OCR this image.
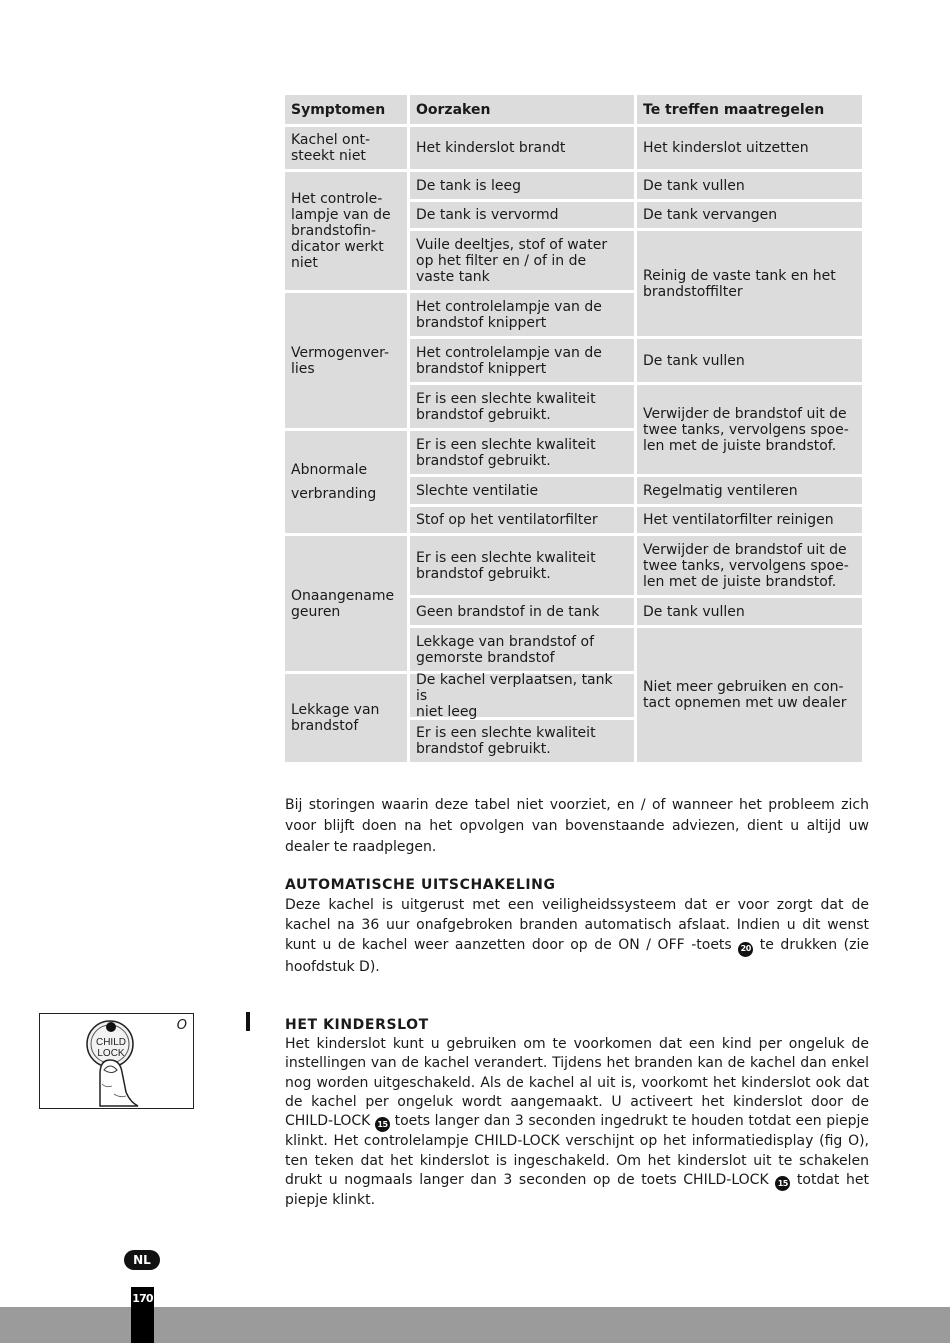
Symptomen	Oorzaken	Te treffen maatregelen
Kachel ont-
steekt niet
Het controle-
lampje van de
brandstofin-
dicator werkt
niet
Vermogenver-
lies
Abnormale
verbranding
Onaangename
geuren
Lekkage van
brandstof
Het kinderslot brandt
De tank is leeg
De tank is vervormd
Vuile deeltjes, stof of water
op het filter en / of in de
vaste tank
Het controlelampje van de
brandstof knippert
Het controlelampje van de
brandstof knippert
Er is een slechte kwaliteit
brandstof gebruikt.
Er is een slechte kwaliteit
brandstof gebruikt.
Slechte ventilatie
Stof op het ventilatorfilter
Er is een slechte kwaliteit
brandstof gebruikt.
Geen brandstof in de tank
Lekkage van brandstof of
gemorste brandstof
De kachel verplaatsen, tank is
niet leeg
Er is een slechte kwaliteit
brandstof gebruikt.
Het kinderslot uitzetten
De tank vullen
De tank vervangen
Reinig de vaste tank en het
brandstoffilter
De tank vullen
Verwijder de brandstof uit de
twee tanks, vervolgens spoe-
len met de juiste brandstof.
Regelmatig ventileren
Het ventilatorfilter reinigen
Verwijder de brandstof uit de
twee tanks, vervolgens spoe-
len met de juiste brandstof.
De tank vullen
Niet meer gebruiken en con-
tact opnemen met uw dealer

Bij storingen waarin deze tabel niet voorziet, en / of wanneer het probleem zich voor blijft doen na het opvolgen van bovenstaande adviezen, dient u altijd uw dealer te raadplegen.

AUTOMATISCHE UITSCHAKELING

Deze kachel is uitgerust met een veiligheidssysteem dat er voor zorgt dat de kachel na 36 uur onafgebroken branden automatisch afslaat. Indien u dit wenst kunt u de kachel weer aanzetten door op de ON / OFF -toets 20 te drukken (zie hoofdstuk D).

O
CHILD
LOCK
HET KINDERSLOT

Het kinderslot kunt u gebruiken om te voorkomen dat een kind per ongeluk de instellingen van de kachel verandert. Tijdens het branden kan de kachel dan enkel nog worden uitgeschakeld. Als de kachel al uit is, voorkomt het kinderslot ook dat de kachel per ongeluk wordt aangemaakt. U activeert het kinderslot door de CHILD-LOCK 15 toets langer dan 3 seconden ingedrukt te houden totdat een piepje klinkt. Het controlelampje CHILD-LOCK verschijnt op het informatiedisplay (fig O), ten teken dat het kinderslot is ingeschakeld. Om het kinderslot uit te schakelen drukt u nogmaals langer dan 3 seconden op de toets CHILD-LOCK 15 totdat het piepje klinkt.

NL
170
